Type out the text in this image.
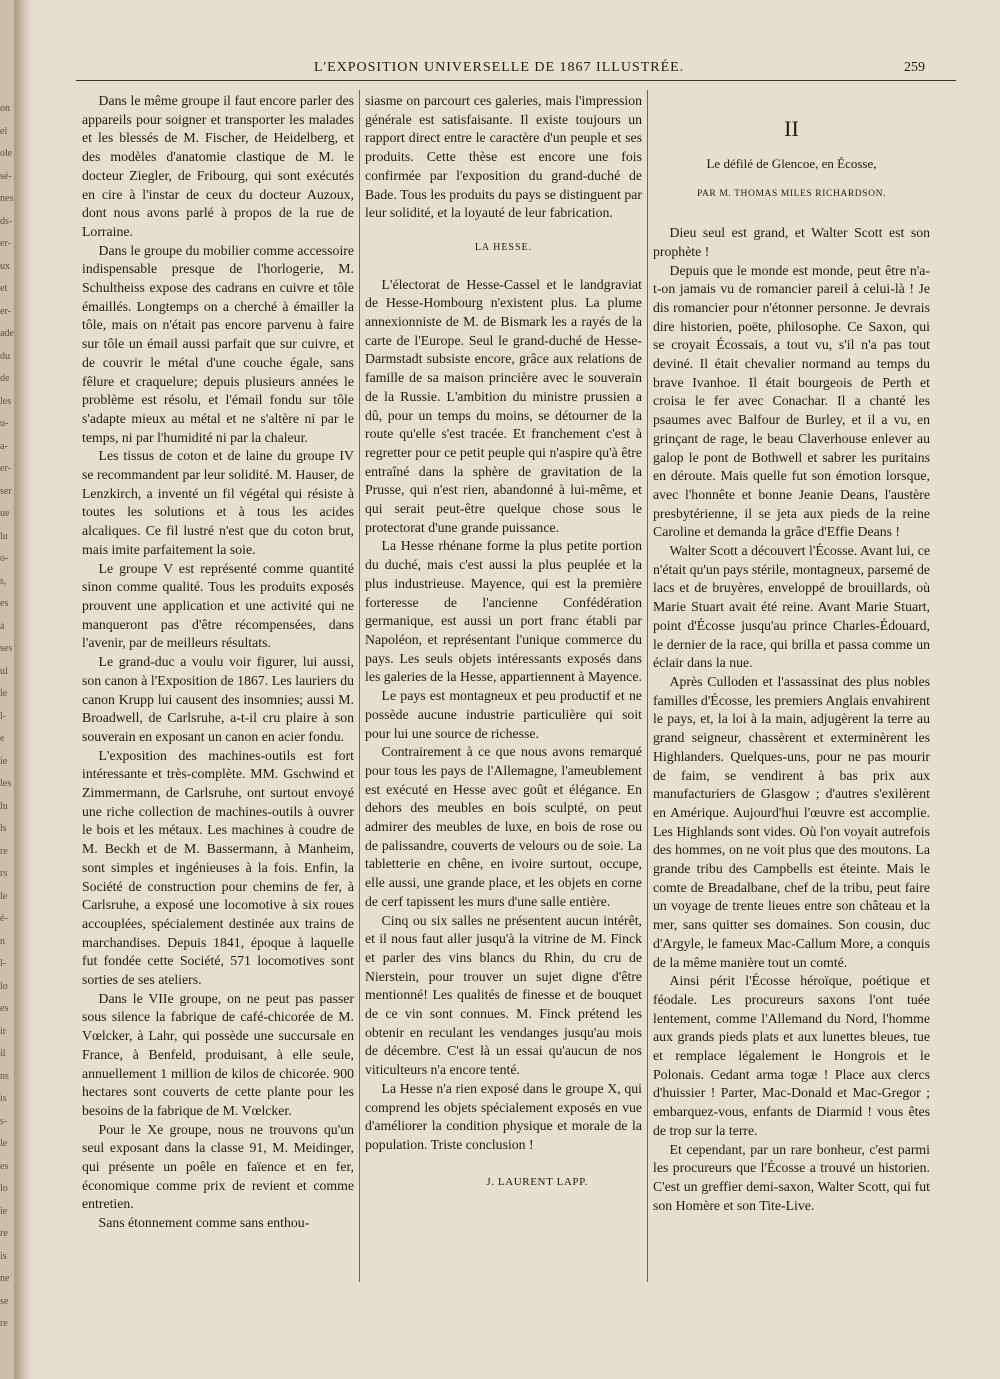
on
el
ole
sé-
nes
ds-
er-
ux
et
er-
ade
du
de
les
u-
a-
er-
ser
ue
lu
o-
s,
es
à
ses
ul
le
l-
e
ie
les
lu
ls
re
rs
le
é-
n
l-
lo
es
ir
il
ns
is
s-
le
es
lo
ie
re
is
ne
se
re
L'EXPOSITION UNIVERSELLE DE 1867 ILLUSTRÉE.	259

Dans le même groupe il faut encore parler des appareils pour soigner et transporter les malades et les blessés de M. Fischer, de Heidelberg, et des modèles d'anatomie clastique de M. le docteur Ziegler, de Fribourg, qui sont exécutés en cire à l'instar de ceux du docteur Auzoux, dont nous avons parlé à propos de la rue de Lorraine.

Dans le groupe du mobilier comme accessoire indispensable presque de l'horlogerie, M. Schultheiss expose des cadrans en cuivre et tôle émaillés. Longtemps on a cherché à émailler la tôle, mais on n'était pas encore parvenu à faire sur tôle un émail aussi parfait que sur cuivre, et de couvrir le métal d'une couche égale, sans fêlure et craquelure; depuis plusieurs années le problème est résolu, et l'émail fondu sur tôle s'adapte mieux au métal et ne s'altère ni par le temps, ni par l'humidité ni par la chaleur.

Les tissus de coton et de laine du groupe IV se recommandent par leur solidité. M. Hauser, de Lenzkirch, a inventé un fil végétal qui résiste à toutes les solutions et à tous les acides alcaliques. Ce fil lustré n'est que du coton brut, mais imite parfaitement la soie.

Le groupe V est représenté comme quantité sinon comme qualité. Tous les produits exposés prouvent une application et une activité qui ne manqueront pas d'être récompensées, dans l'avenir, par de meilleurs résultats.

Le grand-duc a voulu voir figurer, lui aussi, son canon à l'Exposition de 1867. Les lauriers du canon Krupp lui causent des insomnies; aussi M. Broadwell, de Carlsruhe, a-t-il cru plaire à son souverain en exposant un canon en acier fondu.

L'exposition des machines-outils est fort intéressante et très-complète. MM. Gschwind et Zimmermann, de Carlsruhe, ont surtout envoyé une riche collection de machines-outils à ouvrer le bois et les métaux. Les machines à coudre de M. Beckh et de M. Bassermann, à Manheim, sont simples et ingénieuses à la fois. Enfin, la Société de construction pour chemins de fer, à Carlsruhe, a exposé une locomotive à six roues accouplées, spécialement destinée aux trains de marchandises. Depuis 1841, époque à laquelle fut fondée cette Société, 571 locomotives sont sorties de ses ateliers.

Dans le VIIe groupe, on ne peut pas passer sous silence la fabrique de café-chicorée de M. Vœlcker, à Lahr, qui possède une succursale en France, à Benfeld, produisant, à elle seule, annuellement 1 million de kilos de chicorée. 900 hectares sont couverts de cette plante pour les besoins de la fabrique de M. Vœlcker.

Pour le Xe groupe, nous ne trouvons qu'un seul exposant dans la classe 91, M. Meidinger, qui présente un poêle en faïence et en fer, économique comme prix de revient et comme entretien.

Sans étonnement comme sans enthou-

siasme on parcourt ces galeries, mais l'impression générale est satisfaisante. Il existe toujours un rapport direct entre le caractère d'un peuple et ses produits. Cette thèse est encore une fois confirmée par l'exposition du grand-duché de Bade. Tous les produits du pays se distinguent par leur solidité, et la loyauté de leur fabrication.

LA HESSE.

L'électorat de Hesse-Cassel et le landgraviat de Hesse-Hombourg n'existent plus. La plume annexionniste de M. de Bismark les a rayés de la carte de l'Europe. Seul le grand-duché de Hesse-Darmstadt subsiste encore, grâce aux relations de famille de sa maison princière avec le souverain de la Russie. L'ambition du ministre prussien a dû, pour un temps du moins, se détourner de la route qu'elle s'est tracée. Et franchement c'est à regretter pour ce petit peuple qui n'aspire qu'à être entraîné dans la sphère de gravitation de la Prusse, qui n'est rien, abandonné à lui-même, et qui serait peut-être quelque chose sous le protectorat d'une grande puissance.

La Hesse rhénane forme la plus petite portion du duché, mais c'est aussi la plus peuplée et la plus industrieuse. Mayence, qui est la première forteresse de l'ancienne Confédération germanique, est aussi un port franc établi par Napoléon, et représentant l'unique commerce du pays. Les seuls objets intéressants exposés dans les galeries de la Hesse, appartiennent à Mayence.

Le pays est montagneux et peu productif et ne possède aucune industrie particulière qui soit pour lui une source de richesse.

Contrairement à ce que nous avons remarqué pour tous les pays de l'Allemagne, l'ameublement est exécuté en Hesse avec goût et élégance. En dehors des meubles en bois sculpté, on peut admirer des meubles de luxe, en bois de rose ou de palissandre, couverts de velours ou de soie. La tabletterie en chêne, en ivoire surtout, occupe, elle aussi, une grande place, et les objets en corne de cerf tapissent les murs d'une salle entière.

Cinq ou six salles ne présentent aucun intérêt, et il nous faut aller jusqu'à la vitrine de M. Finck et parler des vins blancs du Rhin, du cru de Nierstein, pour trouver un sujet digne d'être mentionné! Les qualités de finesse et de bouquet de ce vin sont connues. M. Finck prétend les obtenir en reculant les vendanges jusqu'au mois de décembre. C'est là un essai qu'aucun de nos viticulteurs n'a encore tenté.

La Hesse n'a rien exposé dans le groupe X, qui comprend les objets spécialement exposés en vue d'améliorer la condition physique et morale de la population. Triste conclusion !

J. LAURENT LAPP.
II
Le défilé de Glencoe, en Écosse,
PAR M. THOMAS MILES RICHARDSON.

Dieu seul est grand, et Walter Scott est son prophète !

Depuis que le monde est monde, peut être n'a-t-on jamais vu de romancier pareil à celui-là ! Je dis romancier pour n'étonner personne. Je devrais dire historien, poëte, philosophe. Ce Saxon, qui se croyait Écossais, a tout vu, s'il n'a pas tout deviné. Il était chevalier normand au temps du brave Ivanhoe. Il était bourgeois de Perth et croisa le fer avec Conachar. Il a chanté les psaumes avec Balfour de Burley, et il a vu, en grinçant de rage, le beau Claverhouse enlever au galop le pont de Bothwell et sabrer les puritains en déroute. Mais quelle fut son émotion lorsque, avec l'honnête et bonne Jeanie Deans, l'austère presbytérienne, il se jeta aux pieds de la reine Caroline et demanda la grâce d'Effie Deans !

Walter Scott a découvert l'Écosse. Avant lui, ce n'était qu'un pays stérile, montagneux, parsemé de lacs et de bruyères, enveloppé de brouillards, où Marie Stuart avait été reine. Avant Marie Stuart, point d'Écosse jusqu'au prince Charles-Édouard, le dernier de la race, qui brilla et passa comme un éclair dans la nue.

Après Culloden et l'assassinat des plus nobles familles d'Écosse, les premiers Anglais envahirent le pays, et, la loi à la main, adjugèrent la terre au grand seigneur, chassèrent et exterminèrent les Highlanders. Quelques-uns, pour ne pas mourir de faim, se vendirent à bas prix aux manufacturiers de Glasgow ; d'autres s'exilèrent en Amérique. Aujourd'hui l'œuvre est accomplie. Les Highlands sont vides. Où l'on voyait autrefois des hommes, on ne voit plus que des moutons. La grande tribu des Campbells est éteinte. Mais le comte de Breadalbane, chef de la tribu, peut faire un voyage de trente lieues entre son château et la mer, sans quitter ses domaines. Son cousin, duc d'Argyle, le fameux Mac-Callum More, a conquis de la même manière tout un comté.

Ainsi périt l'Écosse héroïque, poétique et féodale. Les procureurs saxons l'ont tuée lentement, comme l'Allemand du Nord, l'homme aux grands pieds plats et aux lunettes bleues, tue et remplace légalement le Hongrois et le Polonais. Cedant arma togæ ! Place aux clercs d'huissier ! Parter, Mac-Donald et Mac-Gregor ; embarquez-vous, enfants de Diarmid ! vous êtes de trop sur la terre.

Et cependant, par un rare bonheur, c'est parmi les procureurs que l'Écosse a trouvé un historien. C'est un greffier demi-saxon, Walter Scott, qui fut son Homère et son Tite-Live.
